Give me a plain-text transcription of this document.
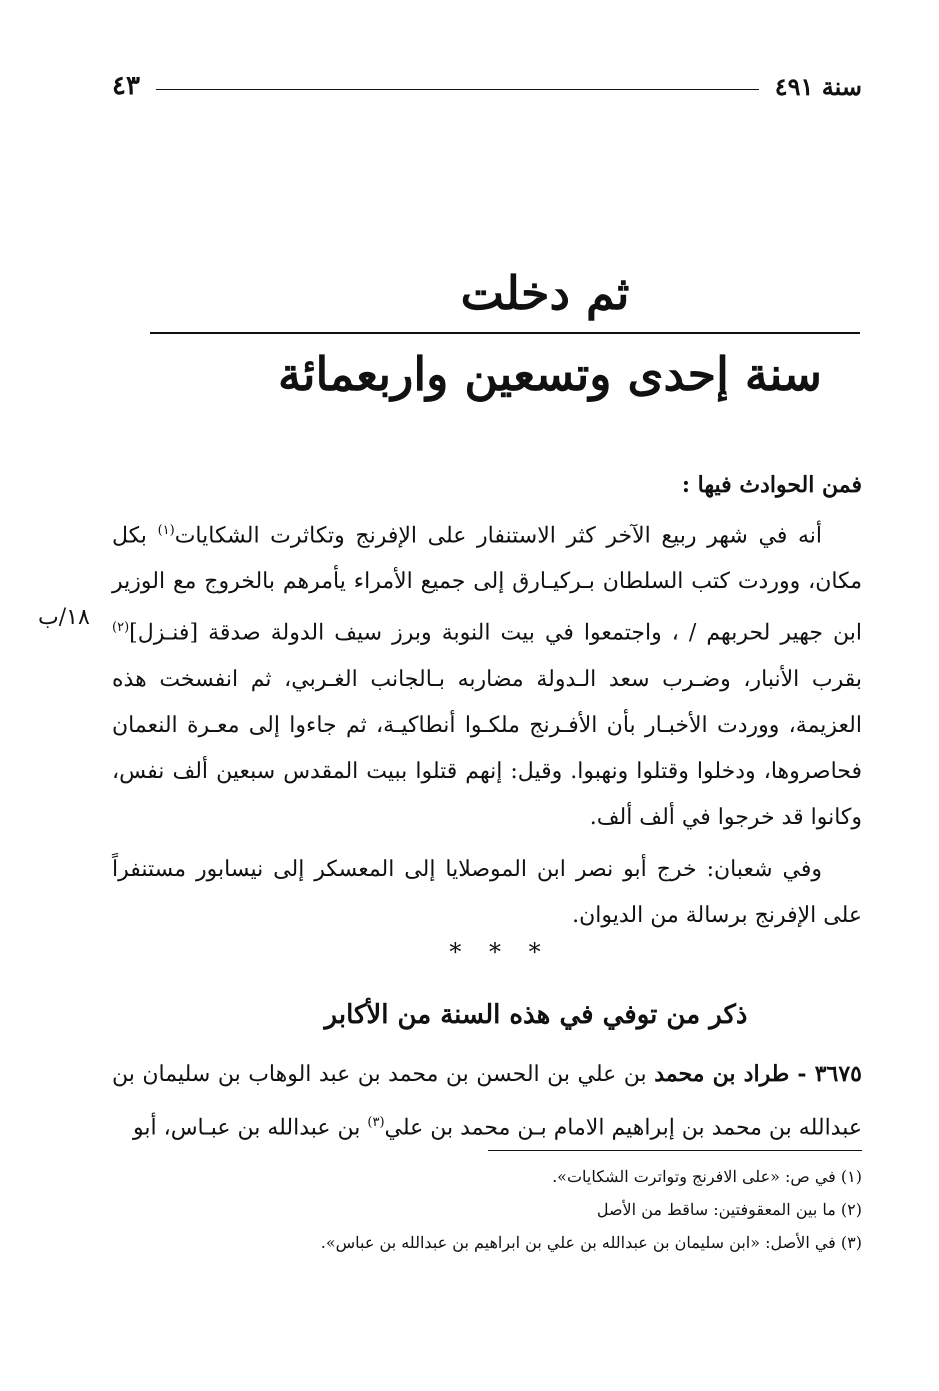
سنة ٤٩١
٤٣
ثم دخلت
سنة إحدى وتسعين واربعمائة

فمن الحوادث فيها :

أنه في شهر ربيع الآخر كثر الاستنفار على الإفرنج وتكاثرت الشكايات$^{(١)}$ بكل مكان، ووردت كتب السلطان بـركيـارق إلى جميع الأمراء يأمرهم بالخروج مع الوزير ابن جهير لحربهم / ، واجتمعوا في بيت النوبة وبرز سيف الدولة صدقة [فنـزل]$^{(٢)}$ بقرب الأنبار، وضـرب سعد الـدولة مضاربه بـالجانب الغـربي، ثم انفسخت هذه العزيمة، ووردت الأخبـار بأن الأفـرنج ملكـوا أنطاكيـة، ثم جاءوا إلى معـرة النعمان فحاصروها، ودخلوا وقتلوا ونهبوا. وقيل: إنهم قتلوا ببيت المقدس سبعين ألف نفس، وكانوا قد خرجوا في ألف ألف.

وفي شعبان: خرج أبو نصر ابن الموصلايا إلى المعسكر إلى نيسابور مستنفراً على الإفرنج برسالة من الديوان.

١٨/ب
* * *
ذكر من توفي في هذه السنة من الأكابر

٣٦٧٥ - طراد بن محمد بن علي بن الحسن بن محمد بن عبد الوهاب بن سليمان بن عبدالله بن محمد بن إبراهيم الامام بـن محمد بن علي$^{(٣)}$ بن عبدالله بن عبـاس، أبو

(١) في ص: «على الافرنج وتواترت الشكايات».
(٢) ما بين المعقوفتين: ساقط من الأصل
(٣) في الأصل: «ابن سليمان بن عبدالله بن علي بن ابراهيم بن عبدالله بن عباس».
